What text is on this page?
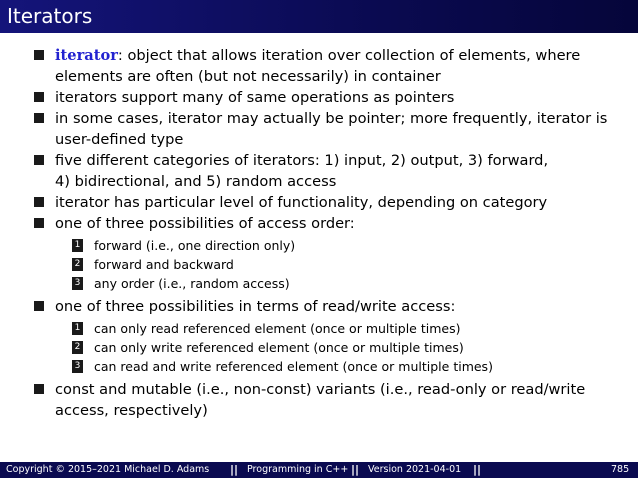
Iterators
iterator: object that allows iteration over collection of elements, where
elements are often (but not necessarily) in container
iterators support many of same operations as pointers
in some cases, iterator may actually be pointer; more frequently, iterator is
user-defined type
five different categories of iterators: 1) input, 2) output, 3) forward,
4) bidirectional, and 5) random access
iterator has particular level of functionality, depending on category
one of three possibilities of access order:
1 forward (i.e., one direction only)
2 forward and backward
3 any order (i.e., random access)
one of three possibilities in terms of read/write access:
1 can only read referenced element (once or multiple times)
2 can only write referenced element (once or multiple times)
3 can read and write referenced element (once or multiple times)
const and mutable (i.e., non-const) variants (i.e., read-only or read/write
access, respectively)
Copyright © 2015–2021 Michael D. Adams || Programming in C++ || Version 2021-04-01 ||	785
